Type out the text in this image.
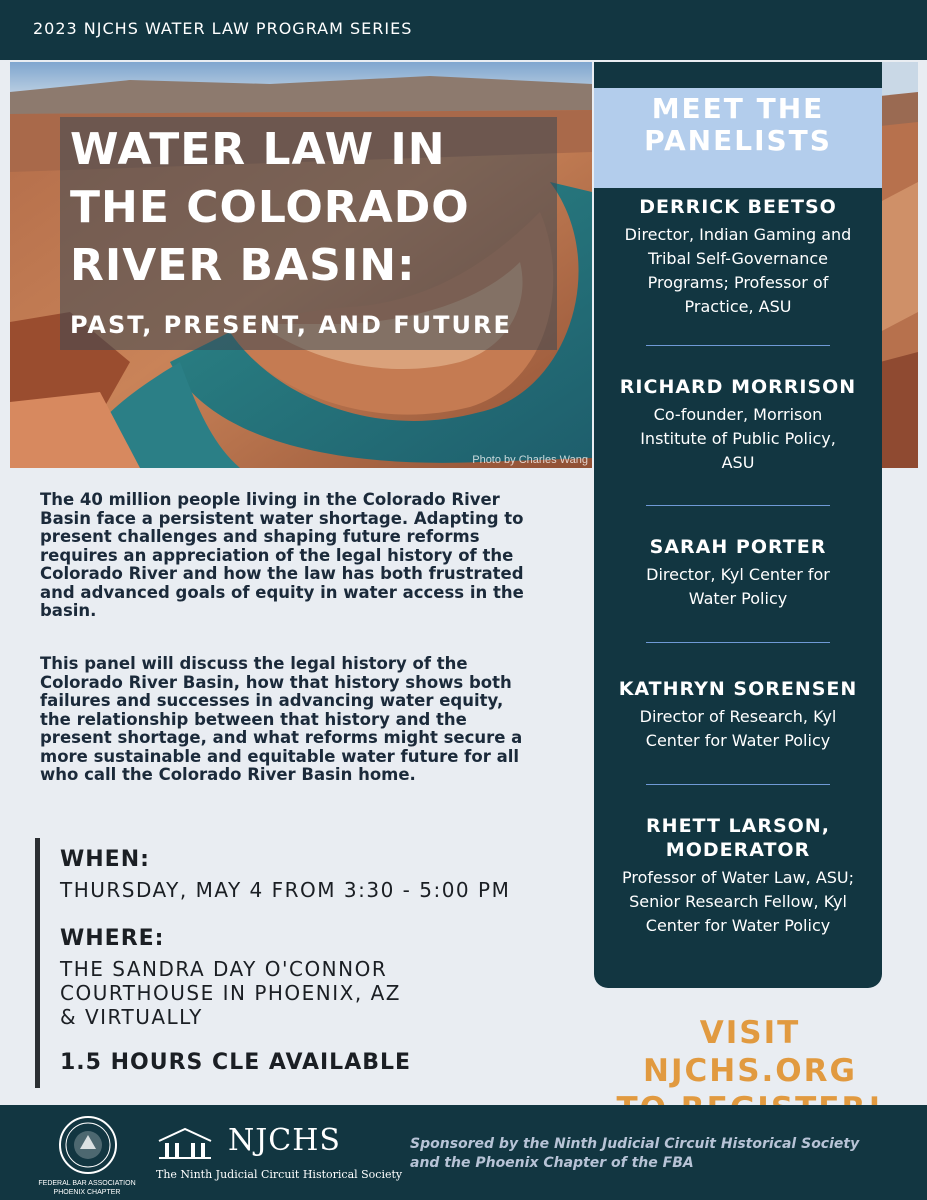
2023 NJCHS WATER LAW PROGRAM SERIES
Photo by Charles Wang
WATER LAW IN
THE COLORADO
RIVER BASIN:
PAST, PRESENT, AND FUTURE
MEET THE
PANELISTS
DERRICK BEETSO
Director, Indian Gaming and
Tribal Self-Governance
Programs; Professor of
Practice, ASU
RICHARD MORRISON
Co-founder, Morrison
Institute of Public Policy,
ASU
SARAH PORTER
Director, Kyl Center for
Water Policy
KATHRYN SORENSEN
Director of Research, Kyl
Center for Water Policy
RHETT LARSON,
MODERATOR
Professor of Water Law, ASU;
Senior Research Fellow, Kyl
Center for Water Policy
The 40 million people living in the Colorado River
Basin face a persistent water shortage. Adapting to
present challenges and shaping future reforms
requires an appreciation of the legal history of the
Colorado River and how the law has both frustrated
and advanced goals of equity in water access in the
basin.
This panel will discuss the legal history of the
Colorado River Basin, how that history shows both
failures and successes in advancing water equity,
the relationship between that history and the
present shortage, and what reforms might secure a
more sustainable and equitable water future for all
who call the Colorado River Basin home.
WHEN:
THURSDAY, MAY 4 FROM 3:30 - 5:00 PM
WHERE:
THE SANDRA DAY O'CONNOR
COURTHOUSE IN PHOENIX, AZ
& VIRTUALLY
1.5 HOURS CLE AVAILABLE
VISIT NJCHS.ORG
FEDERAL BAR ASSOCIATION
PHOENIX CHAPTER
NJCHS
The Ninth Judicial Circuit Historical Society
Sponsored by the Ninth Judicial Circuit Historical Society
and the Phoenix Chapter of the FBA
